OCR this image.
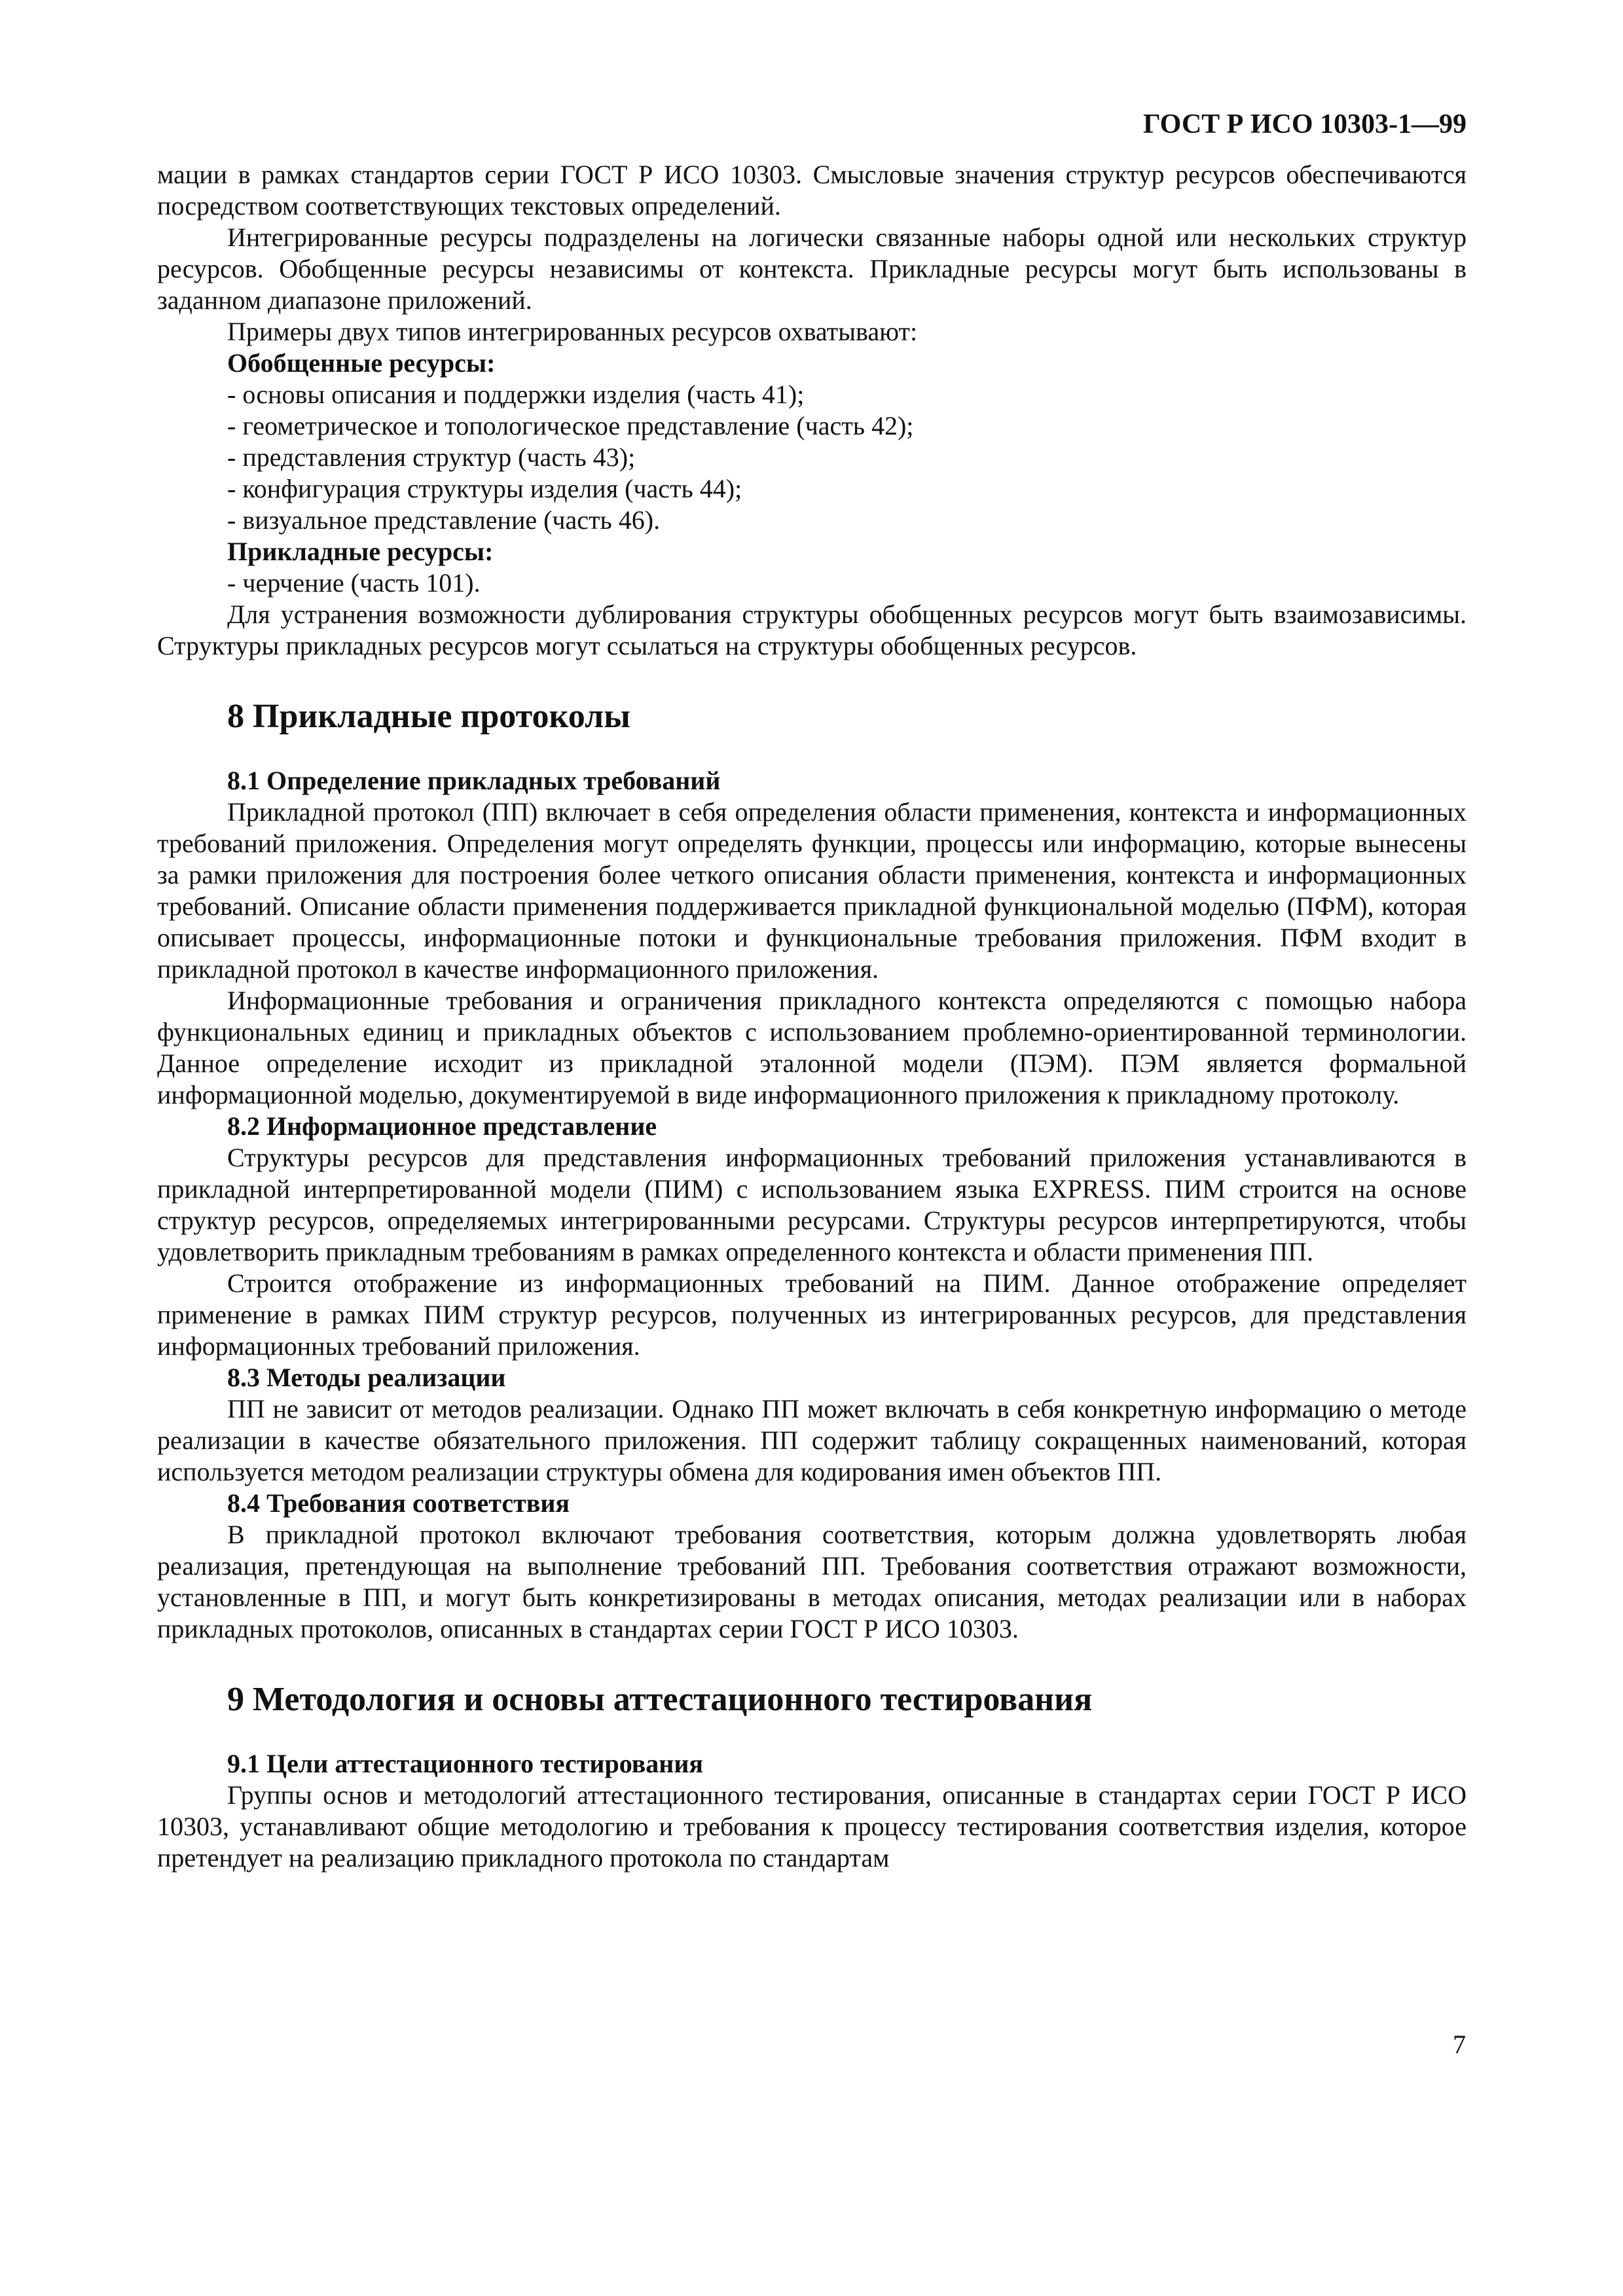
ГОСТ Р ИСО 10303-1—99

мации в рамках стандартов серии ГОСТ Р ИСО 10303. Смысловые значения структур ресурсов обеспечиваются посредством соответствующих текстовых определений.

Интегрированные ресурсы подразделены на логически связанные наборы одной или нескольких структур ресурсов. Обобщенные ресурсы независимы от контекста. Прикладные ресурсы могут быть использованы в заданном диапазоне приложений.

Примеры двух типов интегрированных ресурсов охватывают:

Обобщенные ресурсы:
- основы описания и поддержки изделия (часть 41);
- геометрическое и топологическое представление (часть 42);
- представления структур (часть 43);
- конфигурация структуры изделия (часть 44);
- визуальное представление (часть 46).
Прикладные ресурсы:
- черчение (часть 101).

Для устранения возможности дублирования структуры обобщенных ресурсов могут быть взаимозависимы. Структуры прикладных ресурсов могут ссылаться на структуры обобщенных ресурсов.

8 Прикладные протоколы
8.1 Определение прикладных требований

Прикладной протокол (ПП) включает в себя определения области применения, контекста и информационных требований приложения. Определения могут определять функции, процессы или информацию, которые вынесены за рамки приложения для построения более четкого описания области применения, контекста и информационных требований. Описание области применения поддерживается прикладной функциональной моделью (ПФМ), которая описывает процессы, информационные потоки и функциональные требования приложения. ПФМ входит в прикладной протокол в качестве информационного приложения.

Информационные требования и ограничения прикладного контекста определяются с помощью набора функциональных единиц и прикладных объектов с использованием проблемно-ориентированной терминологии. Данное определение исходит из прикладной эталонной модели (ПЭМ). ПЭМ является формальной информационной моделью, документируемой в виде информационного приложения к прикладному протоколу.

8.2 Информационное представление

Структуры ресурсов для представления информационных требований приложения устанавливаются в прикладной интерпретированной модели (ПИМ) с использованием языка EXPRESS. ПИМ строится на основе структур ресурсов, определяемых интегрированными ресурсами. Структуры ресурсов интерпретируются, чтобы удовлетворить прикладным требованиям в рамках определенного контекста и области применения ПП.

Строится отображение из информационных требований на ПИМ. Данное отображение определяет применение в рамках ПИМ структур ресурсов, полученных из интегрированных ресурсов, для представления информационных требований приложения.

8.3 Методы реализации

ПП не зависит от методов реализации. Однако ПП может включать в себя конкретную информацию о методе реализации в качестве обязательного приложения. ПП содержит таблицу сокращенных наименований, которая используется методом реализации структуры обмена для кодирования имен объектов ПП.

8.4 Требования соответствия

В прикладной протокол включают требования соответствия, которым должна удовлетворять любая реализация, претендующая на выполнение требований ПП. Требования соответствия отражают возможности, установленные в ПП, и могут быть конкретизированы в методах описания, методах реализации или в наборах прикладных протоколов, описанных в стандартах серии ГОСТ Р ИСО 10303.

9 Методология и основы аттестационного тестирования
9.1 Цели аттестационного тестирования

Группы основ и методологий аттестационного тестирования, описанные в стандартах серии ГОСТ Р ИСО 10303, устанавливают общие методологию и требования к процессу тестирования соответствия изделия, которое претендует на реализацию прикладного протокола по стандартам

7
